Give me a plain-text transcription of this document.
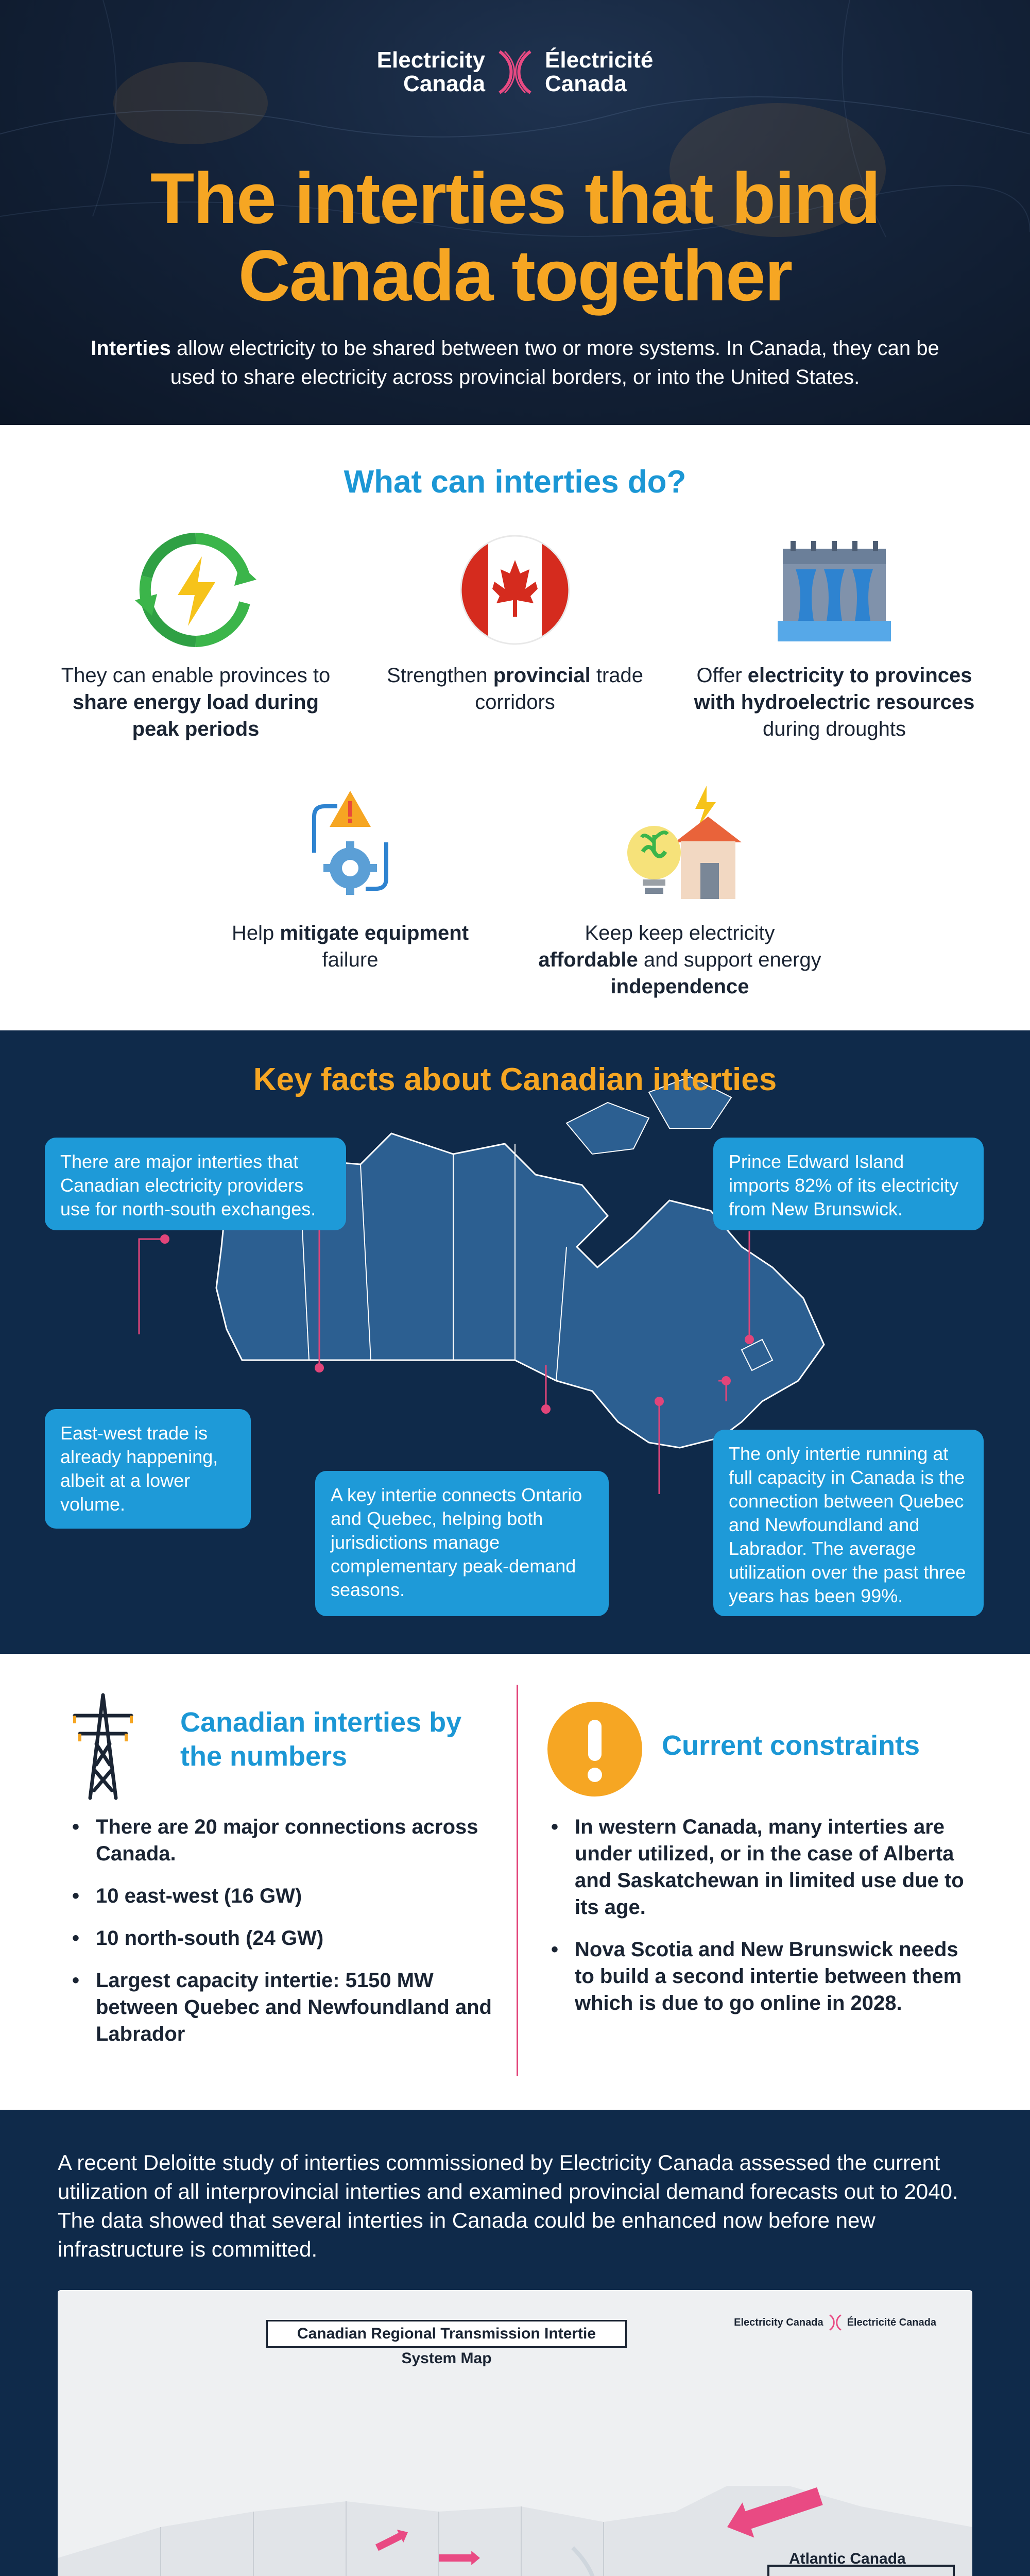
Electricity
Canada
Électricité
Canada
The interties that bind
Canada together
Interties allow electricity to be shared between two or more systems. In Canada, they can be used to share electricity across provincial borders, or into the United States.
What can interties do?
They can enable provinces to share energy load during peak periods
Strengthen provincial trade corridors
Offer electricity to provinces with hydroelectric resources during droughts
Help mitigate equipment failure
Keep keep electricity affordable and support energy independence
Key facts about Canadian interties
There are major interties that Canadian electricity providers use for north-south exchanges.
Prince Edward Island imports 82% of its electricity from New Brunswick.
East-west trade is already happening, albeit at a lower volume.	A key intertie connects Ontario and Quebec, helping both jurisdictions manage complementary peak-demand seasons.
The only intertie running at full capacity in Canada is the connection between Quebec and Newfoundland and Labrador. The average utilization over the past three years has been 99%.
Canadian interties by
the numbers
• There are 20 major connections across Canada.
• 10 east-west (16 GW)
• 10 north-south (24 GW)
• Largest capacity intertie: 5150 MW between Quebec and Newfoundland and Labrador
Current constraints
• In western Canada, many interties are under utilized, or in the case of Alberta and Saskatchewan in limited use due to its age.
• Nova Scotia and New Brunswick needs to build a second intertie between them which is due to go online in 2028.
A recent Deloitte study of interties commissioned by Electricity Canada assessed the current utilization of all interprovincial interties and examined provincial demand forecasts out to 2040. The data showed that several interties in Canada could be enhanced now before new infrastructure is committed.
Canadian Regional Transmission Intertie System Map
Electricity Canada Électricité Canada
Atlantic Canada
